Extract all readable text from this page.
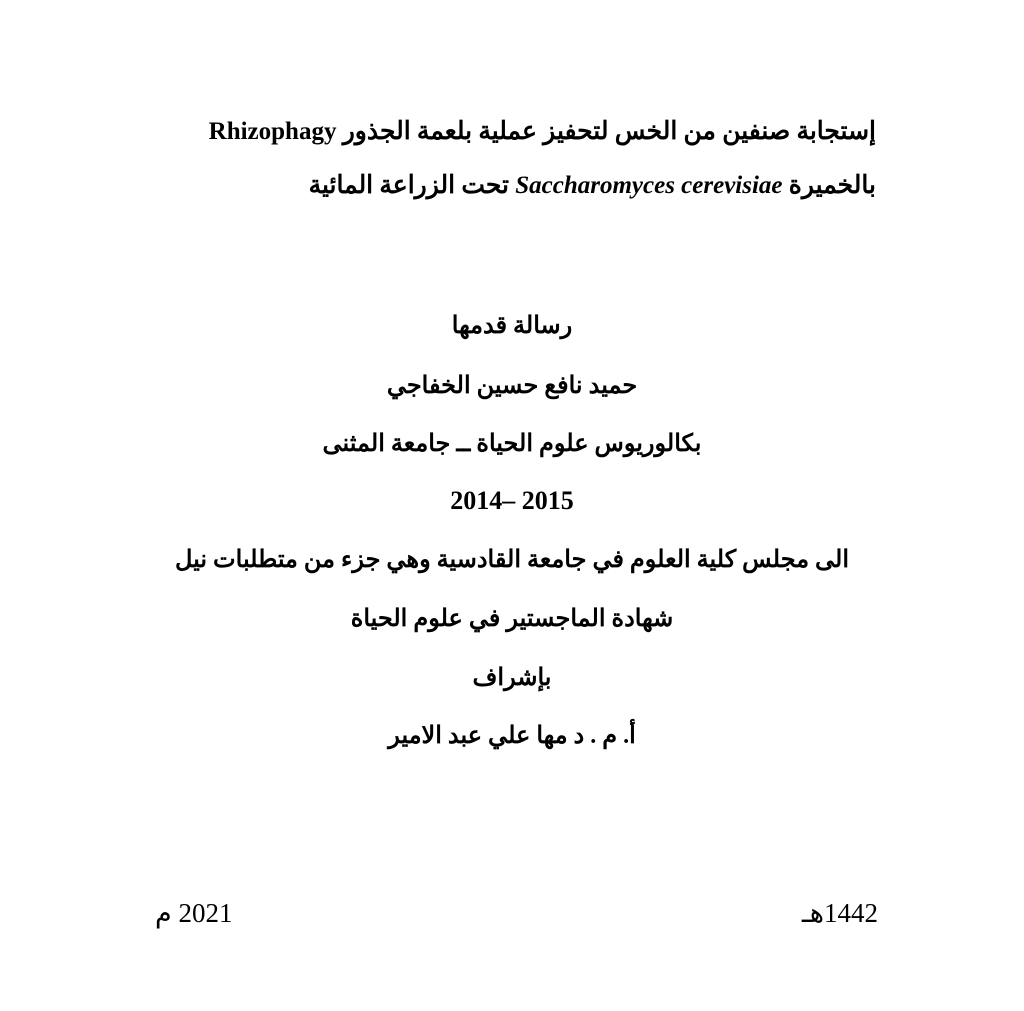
إستجابة صنفين من الخس لتحفيز عملية بلعمة الجذور Rhizophagy
بالخميرة Saccharomyces cerevisiae تحت الزراعة المائية
رسالة قدمها
حميد نافع حسين الخفاجي
بكالوريوس علوم الحياة ــ جامعة المثنى
2014– 2015
الى مجلس كلية العلوم في جامعة القادسية وهي جزء من متطلبات نيل
شهادة الماجستير في علوم الحياة
بإشراف
أ. م . د مها علي عبد الامير
1442هـ
2021 م
